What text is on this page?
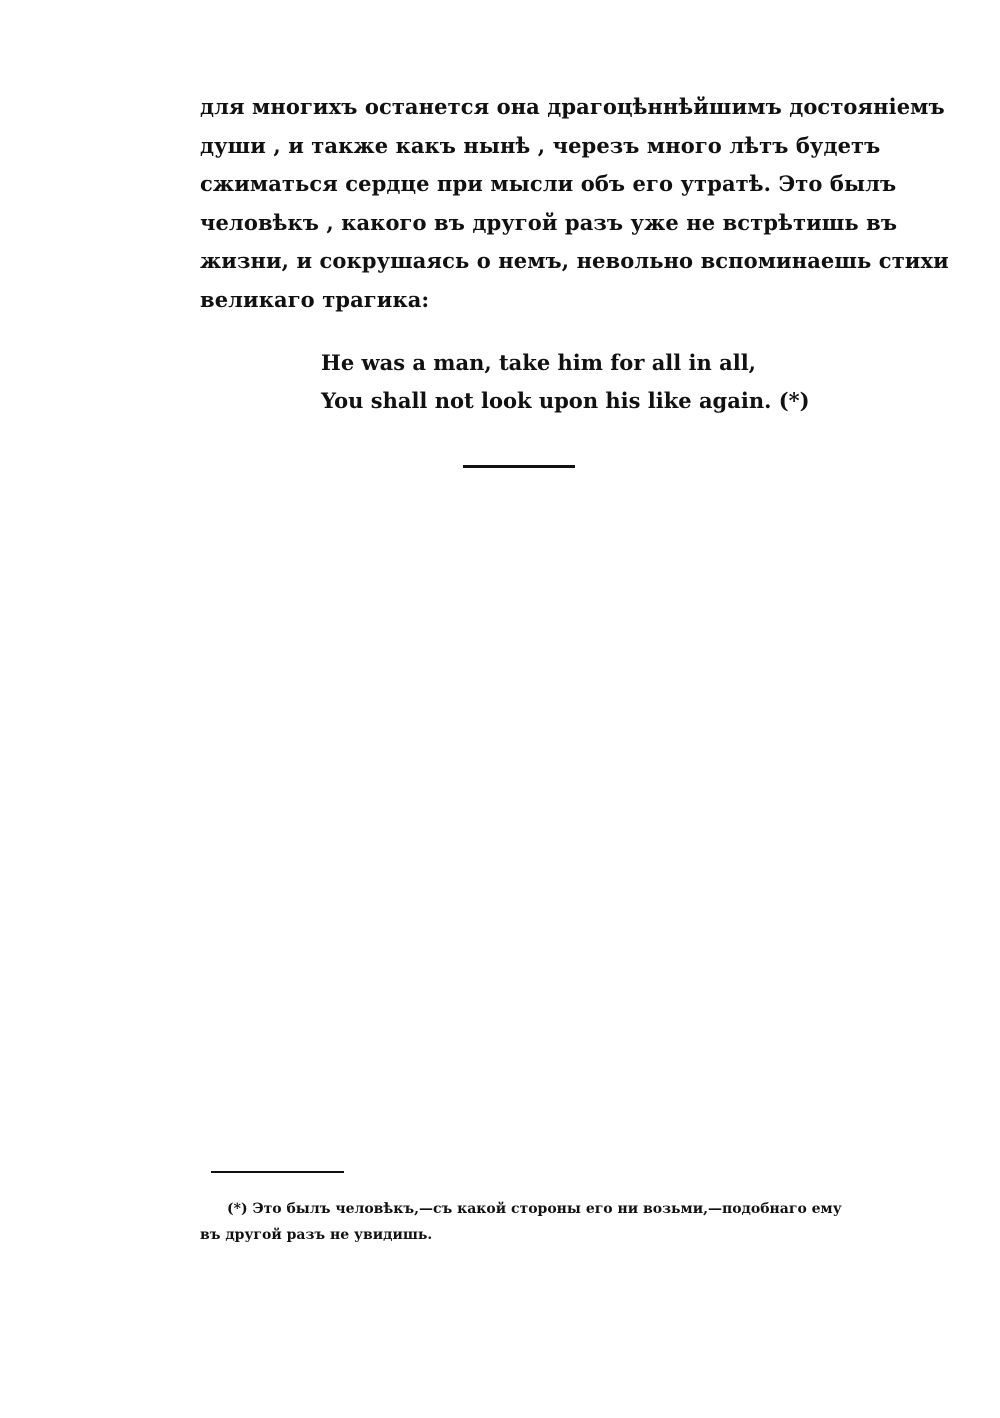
для многихъ останется она драгоцѣннѣйшимъ достояніемъ
души , и также какъ нынѣ , черезъ много лѣтъ будетъ
сжиматься сердце при мысли объ его утратѣ. Это былъ
человѣкъ , какого въ другой разъ уже не встрѣтишь въ
жизни, и сокрушаясь о немъ, невольно вспоминаешь стихи
великаго трагика:
He was a man, take him for all in all,
You shall not look upon his like again. (*)
(*) Это былъ человѣкъ,—съ какой стороны его ни возьми,—подобнаго ему
въ другой разъ не увидишь.
